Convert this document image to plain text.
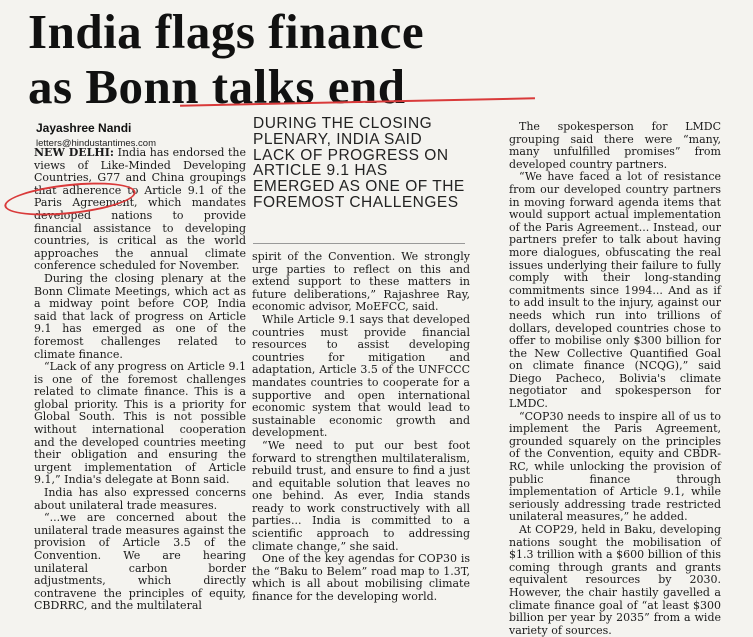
India flags finance
as Bonn talks end
Jayashree Nandi
letters@hindustantimes.com

NEW DELHI: India has endorsed the views of Like-Minded Developing Countries, G77 and China groupings that adherence to Article 9.1 of the Paris Agreement, which mandates developed nations to provide financial assistance to developing countries, is critical as the world approaches the annual climate conference scheduled for November.

During the closing plenary at the Bonn Climate Meetings, which act as a midway point before COP, India said that lack of progress on Article 9.1 has emerged as one of the foremost challenges related to climate finance.

“Lack of any progress on Article 9.1 is one of the foremost challenges related to climate finance. This is a global priority. This is a priority for Global South. This is not possible without international cooperation and the developed countries meeting their obligation and ensuring the urgent implementation of Article 9.1,” India's delegate at Bonn said.

India has also expressed concerns about unilateral trade measures.

“...we are concerned about the unilateral trade measures against the provision of Article 3.5 of the Convention. We are hearing unilateral carbon border adjustments, which directly contravene the principles of equity, CBDRRC, and the multilateral

DURING THE CLOSING PLENARY, INDIA SAID LACK OF PROGRESS ON ARTICLE 9.1 HAS EMERGED AS ONE OF THE FOREMOST CHALLENGES

spirit of the Convention. We strongly urge parties to reflect on this and extend support to these matters in future deliberations,” Rajashree Ray, economic advisor, MoEFCC, said.

While Article 9.1 says that developed countries must provide financial resources to assist developing countries for mitigation and adaptation, Article 3.5 of the UNFCCC mandates countries to cooperate for a supportive and open international economic system that would lead to sustainable economic growth and development.

“We need to put our best foot forward to strengthen multilateralism, rebuild trust, and ensure to find a just and equitable solution that leaves no one behind. As ever, India stands ready to work constructively with all parties... India is committed to a scientific approach to addressing climate change,” she said.

One of the key agendas for COP30 is the “Baku to Belem” road map to 1.3T, which is all about mobilising climate finance for the developing world.

The spokesperson for LMDC grouping said there were “many, many unfulfilled promises” from developed country partners.

“We have faced a lot of resistance from our developed country partners in moving forward agenda items that would support actual implementation of the Paris Agreement... Instead, our partners prefer to talk about having more dialogues, obfuscating the real issues underlying their failure to fully comply with their long-standing commitments since 1994... And as if to add insult to the injury, against our needs which run into trillions of dollars, developed countries chose to offer to mobilise only $300 billion for the New Collective Quantified Goal on climate finance (NCQG),” said Diego Pacheco, Bolivia's climate negotiator and spokesperson for LMDC.

“COP30 needs to inspire all of us to implement the Paris Agreement, grounded squarely on the principles of the Convention, equity and CBDR-RC, while unlocking the provision of public finance through implementation of Article 9.1, while seriously addressing trade restricted unilateral measures,” he added.

At COP29, held in Baku, developing nations sought the mobilisation of $1.3 trillion with a $600 billion of this coming through grants and grants equivalent resources by 2030. However, the chair hastily gavelled a climate finance goal of “at least $300 billion per year by 2035” from a wide variety of sources.
